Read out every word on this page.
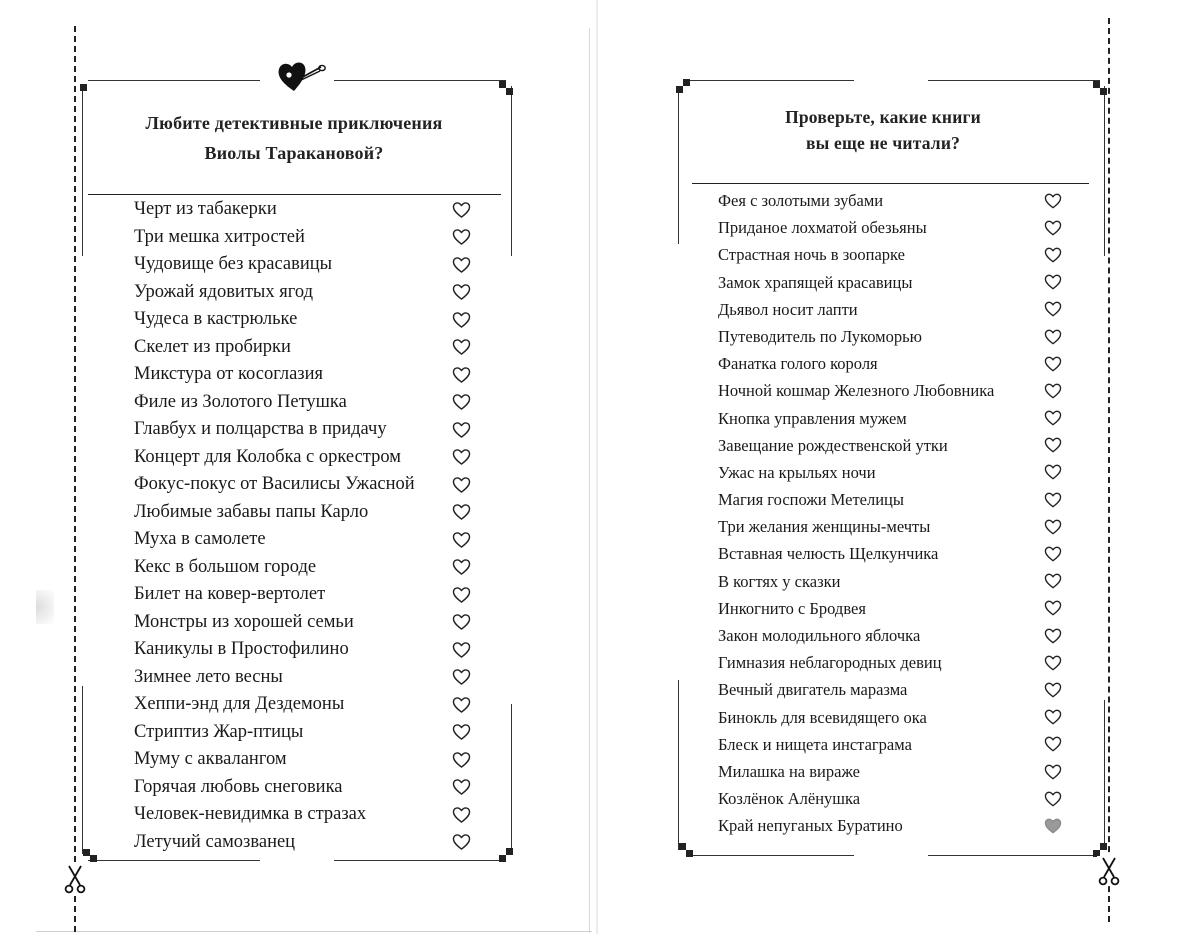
Любите детективные приключения
Виолы Таракановой?
Черт из табакерки
Три мешка хитростей
Чудовище без красавицы
Урожай ядовитых ягод
Чудеса в кастрюльке
Скелет из пробирки
Микстура от косоглазия
Филе из Золотого Петушка
Главбух и полцарства в придачу
Концерт для Колобка с оркестром
Фокус-покус от Василисы Ужасной
Любимые забавы папы Карло
Муха в самолете
Кекс в большом городе
Билет на ковер-вертолет
Монстры из хорошей семьи
Каникулы в Простофилино
Зимнее лето весны
Хеппи-энд для Дездемоны
Стриптиз Жар-птицы
Муму с аквалангом
Горячая любовь снеговика
Человек-невидимка в стразах
Летучий самозванец
Проверьте, какие книги
вы еще не читали?
Фея с золотыми зубами
Приданое лохматой обезьяны
Страстная ночь в зоопарке
Замок храпящей красавицы
Дьявол носит лапти
Путеводитель по Лукоморью
Фанатка голого короля
Ночной кошмар Железного Любовника
Кнопка управления мужем
Завещание рождественской утки
Ужас на крыльях ночи
Магия госпожи Метелицы
Три желания женщины-мечты
Вставная челюсть Щелкунчика
В когтях у сказки
Инкогнито с Бродвея
Закон молодильного яблочка
Гимназия неблагородных девиц
Вечный двигатель маразма
Бинокль для всевидящего ока
Блеск и нищета инстаграма
Милашка на вираже
Козлёнок Алёнушка
Край непуганых Буратино
